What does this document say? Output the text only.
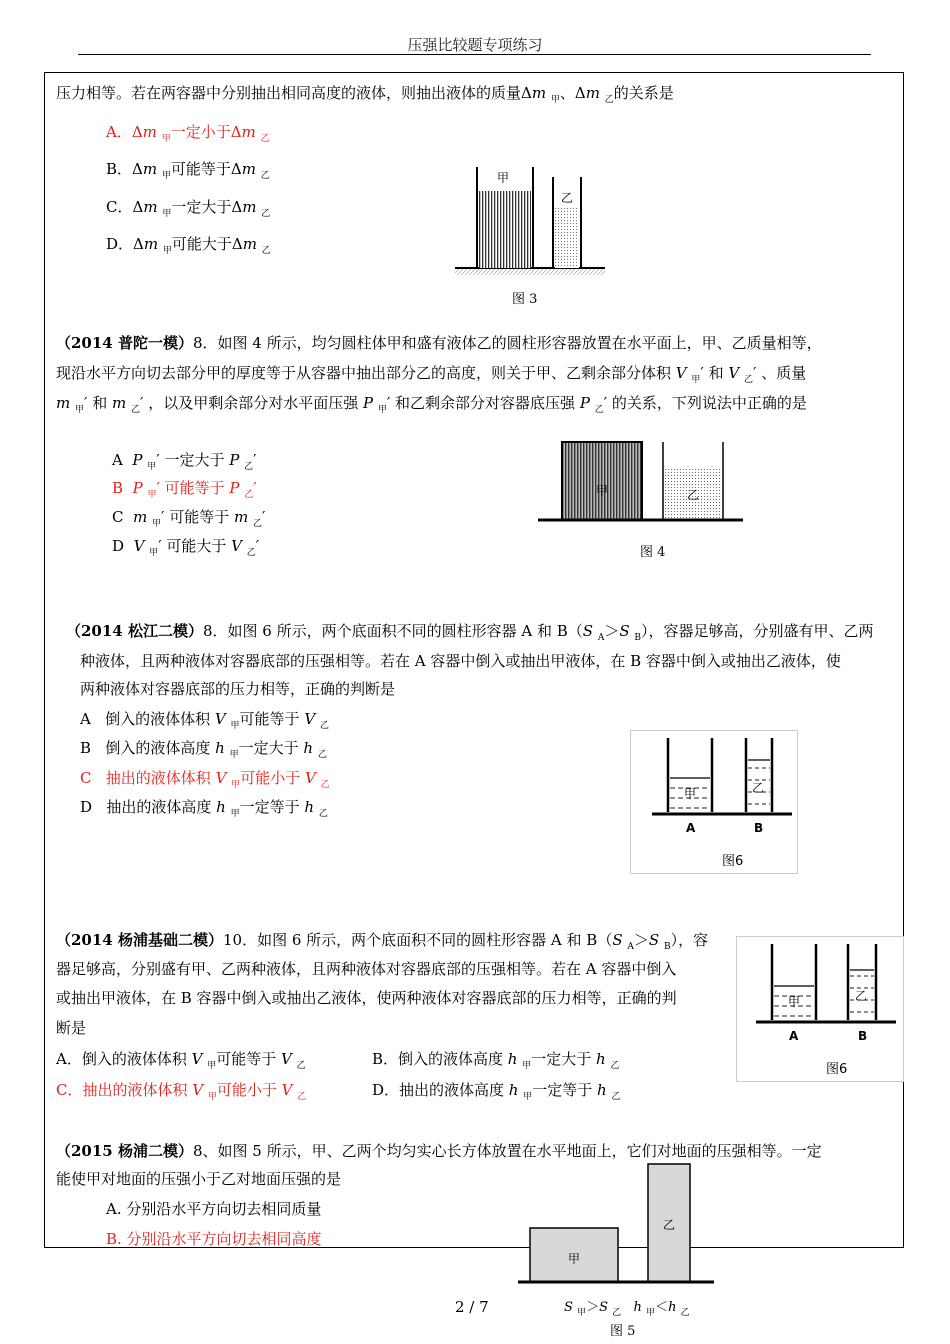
压强比较题专项练习
压力相等。若在两容器中分别抽出相同高度的液体，则抽出液体的质量Δm $_甲$、Δm $_乙$的关系是
A．Δm $_甲$一定小于Δm $_乙$
B．Δm $_甲$可能等于Δm $_乙$
C．Δm $_甲$一定大于Δm $_乙$
D．Δm $_甲$可能大于Δm $_乙$
甲
乙
图 3
（2014 普陀一模）8．如图 4 所示，均匀圆柱体甲和盛有液体乙的圆柱形容器放置在水平面上，甲、乙质量相等，
现沿水平方向切去部分甲的厚度等于从容器中抽出部分乙的高度，则关于甲、乙剩余部分体积 V $_甲$′ 和 V $_乙$′ 、质量
m $_甲$′ 和 m $_乙$′ ，以及甲剩余部分对水平面压强 P $_甲$′ 和乙剩余部分对容器底压强 P $_乙$′ 的关系，下列说法中正确的是
A  P $_甲$′ 一定大于 P $_乙$′
B  P $_甲$′ 可能等于 P $_乙$′
C  m $_甲$′ 可能等于 m $_乙$′
D  V $_甲$′ 可能大于 V $_乙$′
甲	乙
图 4
（2014 松江二模）8．如图 6 所示，两个底面积不同的圆柱形容器 A 和 B（S $_A$＞S $_B$），容器足够高，分别盛有甲、乙两
种液体，且两种液体对容器底部的压强相等。若在 A 容器中倒入或抽出甲液体，在 B 容器中倒入或抽出乙液体，使
两种液体对容器底部的压力相等，正确的判断是
A   倒入的液体体积 V $_甲$可能等于 V $_乙$
B   倒入的液体高度 h $_甲$一定大于 h $_乙$
C   抽出的液体体积 V $_甲$可能小于 V $_乙$
D   抽出的液体高度 h $_甲$一定等于 h $_乙$
甲	乙
A	B
图6
（2014 杨浦基础二模）10．如图 6 所示，两个底面积不同的圆柱形容器 A 和 B（S $_A$＞S $_B$），容
器足够高，分别盛有甲、乙两种液体，且两种液体对容器底部的压强相等。若在 A 容器中倒入
或抽出甲液体，在 B 容器中倒入或抽出乙液体，使两种液体对容器底部的压力相等，正确的判
断是
A．倒入的液体体积 V $_甲$可能等于 V $_乙$	B．倒入的液体高度 h $_甲$一定大于 h $_乙$
C．抽出的液体体积 V $_甲$可能小于 V $_乙$	D．抽出的液体高度 h $_甲$一定等于 h $_乙$
甲	乙
A	B
图6
（2015 杨浦二模）8、如图 5 所示，甲、乙两个均匀实心长方体放置在水平地面上，它们对地面的压强相等。一定
能使甲对地面的压强小于乙对地面压强的是
A. 分别沿水平方向切去相同质量
B. 分别沿水平方向切去相同高度
甲
乙
S $_甲$＞S $_乙$ h $_甲$＜h $_乙$
图 5
2 / 7
